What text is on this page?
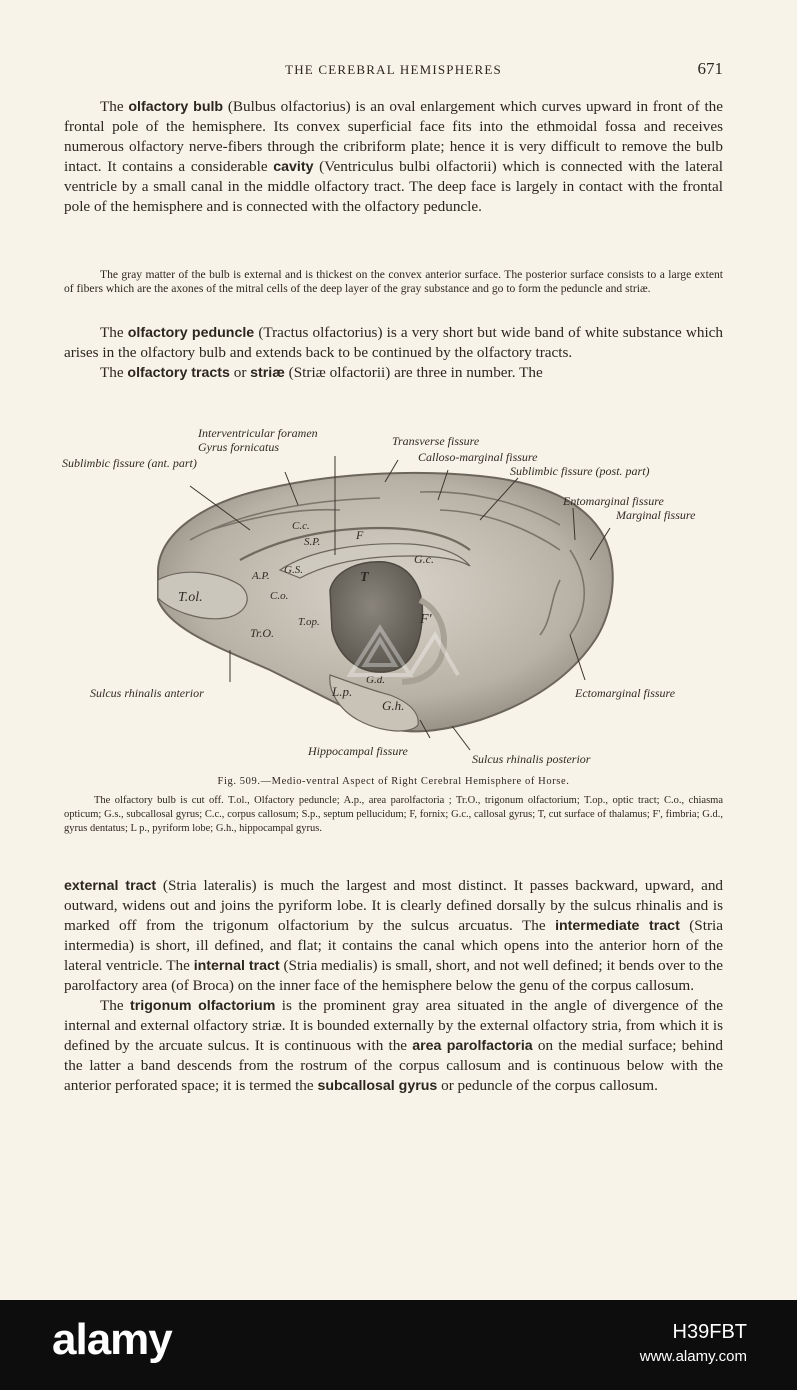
THE CEREBRAL HEMISPHERES	671

The olfactory bulb (Bulbus olfactorius) is an oval enlargement which curves upward in front of the frontal pole of the hemisphere. Its convex superficial face fits into the ethmoidal fossa and receives numerous olfactory nerve-fibers through the cribriform plate; hence it is very difficult to remove the bulb intact. It contains a considerable cavity (Ventriculus bulbi olfactorii) which is connected with the lateral ventricle by a small canal in the middle olfactory tract. The deep face is largely in contact with the frontal pole of the hemisphere and is connected with the olfactory peduncle.

The gray matter of the bulb is external and is thickest on the convex anterior surface. The posterior surface consists to a large extent of fibers which are the axones of the mitral cells of the deep layer of the gray substance and go to form the peduncle and striæ.

The olfactory peduncle (Tractus olfactorius) is a very short but wide band of white substance which arises in the olfactory bulb and extends back to be continued by the olfactory tracts.

The olfactory tracts or striæ (Striæ olfactorii) are three in number. The

Interventricular foramen
Gyrus fornicatus
Sublimbic fissure (ant. part)
Transverse fissure
Calloso-marginal fissure
Sublimbic fissure (post. part)
Entomarginal fissure
Marginal fissure
Sulcus rhinalis anterior	Ectomarginal fissure
Hippocampal fissure
Sulcus rhinalis posterior
C.c.
S.P.	F
G.c.
A.P. G.S.
C.o.
T
T.ol.
T.op.
Tr.O.
F'
G.d.
L.p.
G.h.
Fig. 509.—Medio-ventral Aspect of Right Cerebral Hemisphere of Horse.
The olfactory bulb is cut off. T.ol., Olfactory peduncle; A.p., area parolfactoria ; Tr.O., trigonum olfactorium; T.op., optic tract; C.o., chiasma opticum; G.s., subcallosal gyrus; C.c., corpus callosum; S.p., septum pellucidum; F, fornix; G.c., callosal gyrus; T, cut surface of thalamus; F', fimbria; G.d., gyrus dentatus; L p., pyriform lobe; G.h., hippocampal gyrus.

external tract (Stria lateralis) is much the largest and most distinct. It passes backward, upward, and outward, widens out and joins the pyriform lobe. It is clearly defined dorsally by the sulcus rhinalis and is marked off from the trigonum olfactorium by the sulcus arcuatus. The intermediate tract (Stria intermedia) is short, ill defined, and flat; it contains the canal which opens into the anterior horn of the lateral ventricle. The internal tract (Stria medialis) is small, short, and not well defined; it bends over to the parolfactory area (of Broca) on the inner face of the hemisphere below the genu of the corpus callosum.

The trigonum olfactorium is the prominent gray area situated in the angle of divergence of the internal and external olfactory striæ. It is bounded externally by the external olfactory stria, from which it is defined by the arcuate sulcus. It is continuous with the area parolfactoria on the medial surface; behind the latter a band descends from the rostrum of the corpus callosum and is continuous below with the anterior perforated space; it is termed the subcallosal gyrus or peduncle of the corpus callosum.

alamy	H39FBT
www.alamy.com
